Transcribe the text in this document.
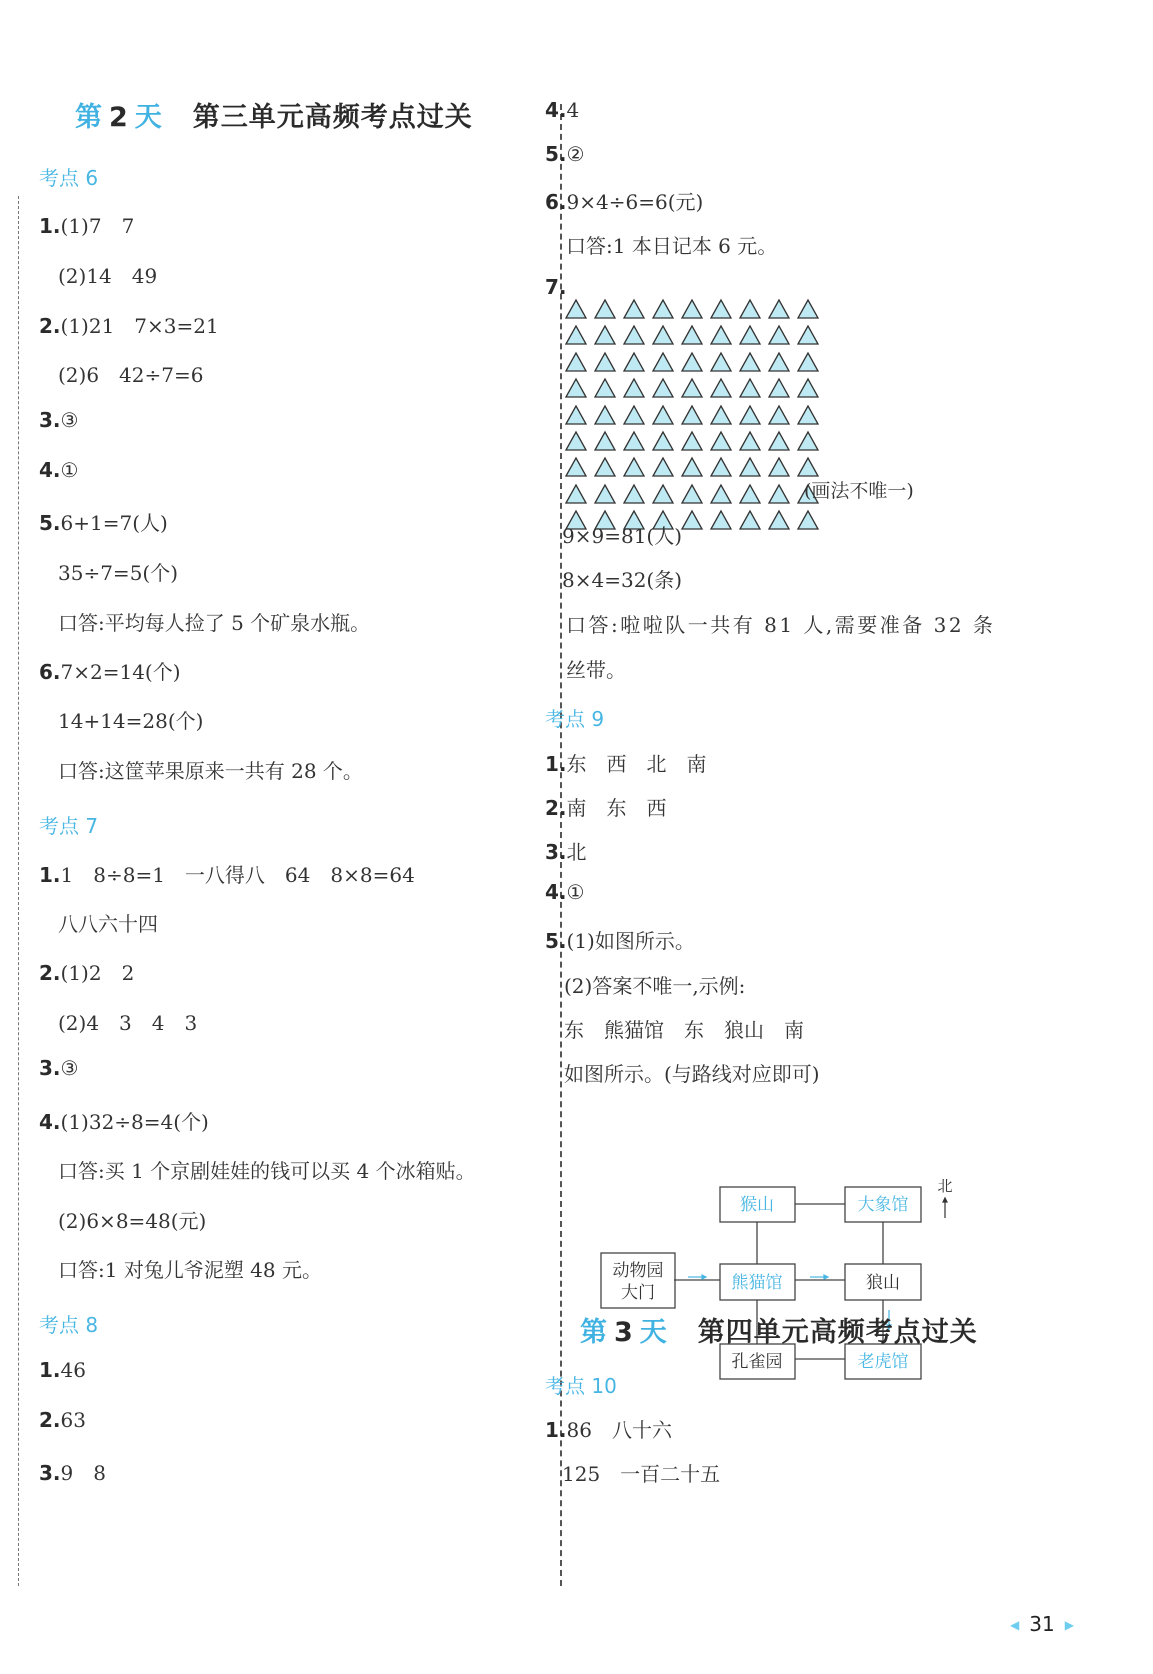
第 2 天 第三单元高频考点过关
考点 6
1.(1)7　7
(2)14　49
2.(1)21　7×3=21
(2)6　42÷7=6
3.③
4.①
5.6+1=7(人)
35÷7=5(个)
口答:平均每人捡了 5 个矿泉水瓶。
6.7×2=14(个)
14+14=28(个)
口答:这筐苹果原来一共有 28 个。
考点 7
1.1　8÷8=1　一八得八　64　8×8=64
八八六十四
2.(1)2　2
(2)4　3　4　3
3.③
4.(1)32÷8=4(个)
口答:买 1 个京剧娃娃的钱可以买 4 个冰箱贴。
(2)6×8=48(元)
口答:1 对兔儿爷泥塑 48 元。
考点 8
1.46
2.63
3.9　8
4.4
5.②
6.9×4÷6=6(元)
口答:1 本日记本 6 元。
7.
(画法不唯一)
9×9=81(人)
8×4=32(条)
口答:啦啦队一共有 81 人,需要准备 32 条
丝带。
考点 9
1.东　西　北　南
2.南　东　西
3.北
4.①
5.(1)如图所示。
(2)答案不唯一,示例:
东　熊猫馆　东　狼山　南
如图所示。(与路线对应即可)
北
动物园
大门
猴山	大象馆
熊猫馆	狼山
孔雀园	老虎馆
第 3 天 第四单元高频考点过关
考点 10
1.86　八十六
125　一百二十五
◀ 31 ▶
